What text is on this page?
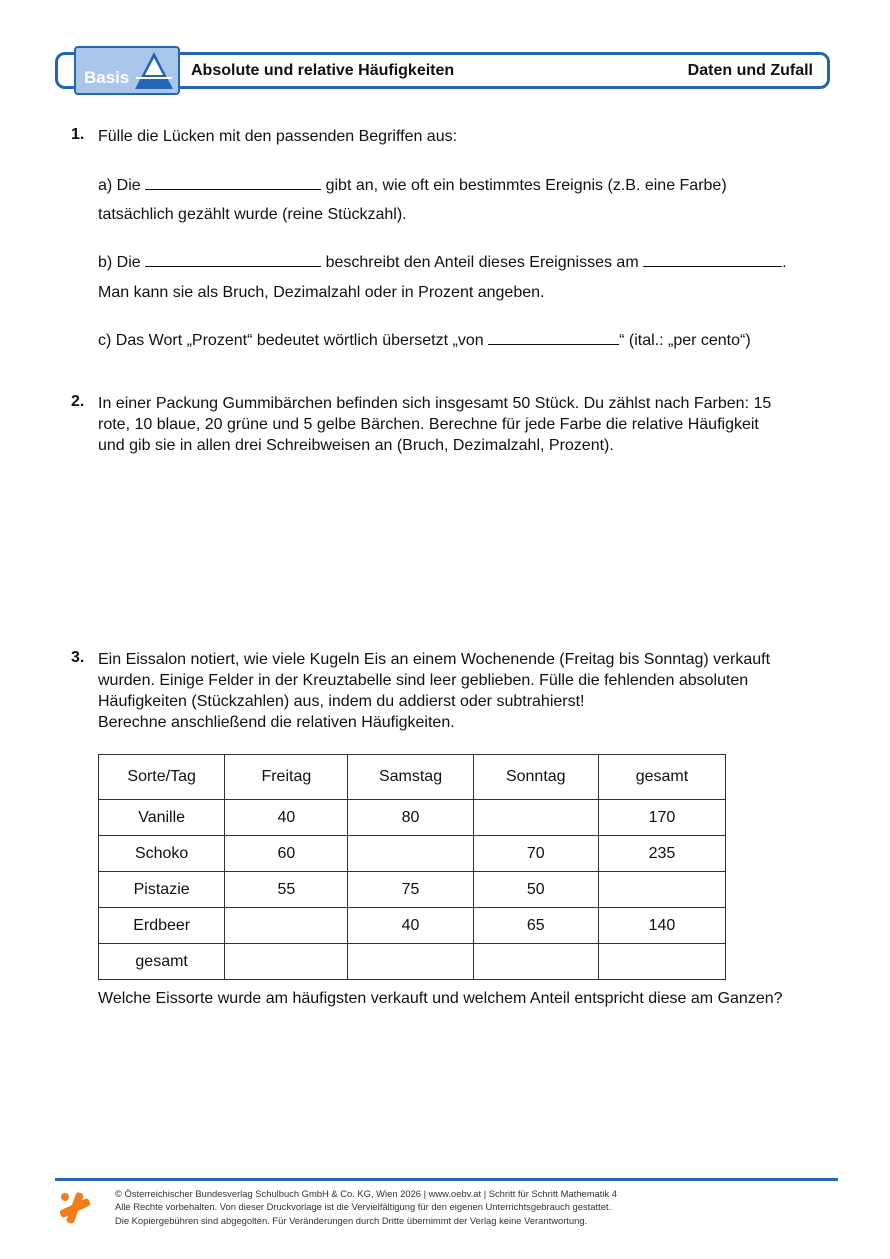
Basis	Absolute und relative Häufigkeiten	Daten und Zufall
1. Fülle die Lücken mit den passenden Begriffen aus:
a) Die	gibt an, wie oft ein bestimmtes Ereignis (z.B. eine Farbe)
tatsächlich gezählt wurde (reine Stückzahl).
b) Die	beschreibt den Anteil dieses Ereignisses am	.
Man kann sie als Bruch, Dezimalzahl oder in Prozent angeben.
c) Das Wort „Prozent“ bedeutet wörtlich übersetzt „von	“ (ital.: „per cento“)
2. In einer Packung Gummibärchen befinden sich insgesamt 50 Stück. Du zählst nach Farben: 15
rote, 10 blaue, 20 grüne und 5 gelbe Bärchen. Berechne für jede Farbe die relative Häufigkeit
und gib sie in allen drei Schreibweisen an (Bruch, Dezimalzahl, Prozent).
3. Ein Eissalon notiert, wie viele Kugeln Eis an einem Wochenende (Freitag bis Sonntag) verkauft
wurden. Einige Felder in der Kreuztabelle sind leer geblieben. Fülle die fehlenden absoluten
Häufigkeiten (Stückzahlen) aus, indem du addierst oder subtrahierst!
Berechne anschließend die relativen Häufigkeiten.
Sorte/Tag	Freitag	Samstag	Sonntag	gesamt
Vanille	40	80		170
Schoko	60		70	235
Pistazie	55	75	50	
Erdbeer		40	65	140
gesamt				
Welche Eissorte wurde am häufigsten verkauft und welchem Anteil entspricht diese am Ganzen?
© Österreichischer Bundesverlag Schulbuch GmbH & Co. KG, Wien 2026 | www.oebv.at | Schritt für Schritt Mathematik 4
Alle Rechte vorbehalten. Von dieser Druckvorlage ist die Vervielfältigung für den eigenen Unterrichtsgebrauch gestattet.
Die Kopiergebühren sind abgegolten. Für Veränderungen durch Dritte übernimmt der Verlag keine Verantwortung.
